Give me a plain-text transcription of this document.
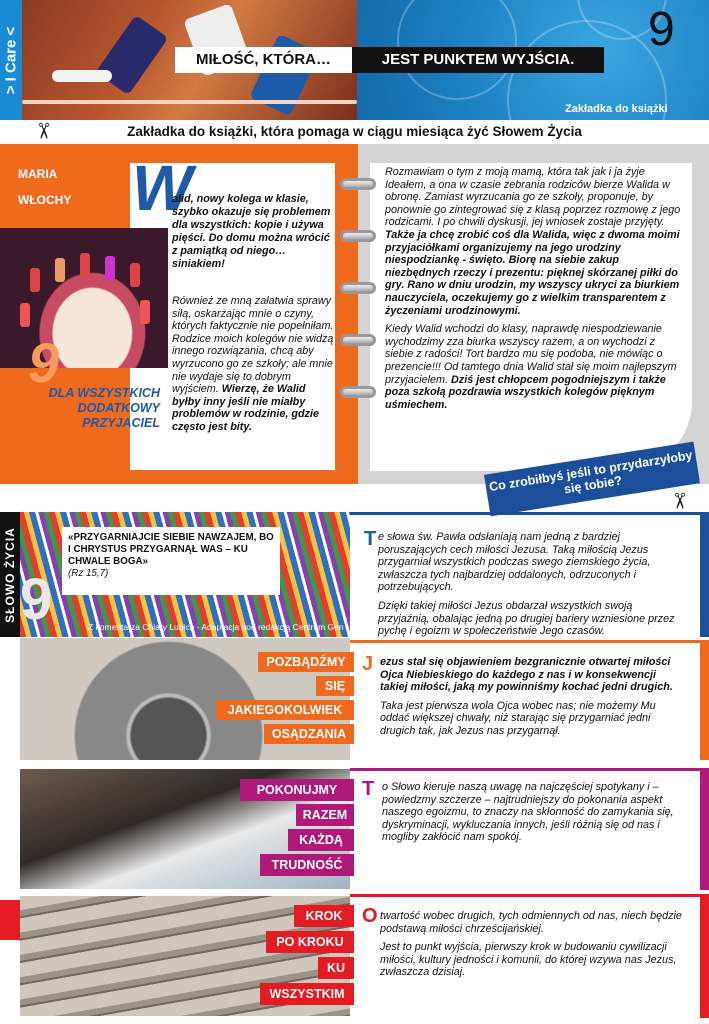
> I Care <	9
MIŁOŚĆ, KTÓRA…	JEST PUNKTEM WYJŚCIA.
Zakładka do książki
✂	Zakładka do książki, która pomaga w ciągu miesiąca żyć Słowem Życia
MARIA
WŁOCHY
9
DLA WSZYSTKICH
DODATKOWY
PRZYJACIEL
W
alid, nowy kolega w klasie, szybko okazuje się problemem dla wszystkich: kopie i używa pięści. Do domu można wrócić z pamiątką od niego… siniakiem!
Również ze mną załatwia sprawy siłą, oskarżając mnie o czyny, których faktycznie nie popełniłam. Rodzice moich kolegów nie widzą innego rozwiązania, chcą aby wyrzucono go ze szkoły; ale mnie nie wydaje się to dobrym wyjściem. Wierzę, że Walid byłby inny jeśli nie miałby problemów w rodzinie, gdzie często jest bity.

Rozmawiam o tym z moją mamą, która tak jak i ja żyje Ideałem, a ona w czasie zebrania rodziców bierze Walida w obronę. Zamiast wyrzucania go ze szkoły, proponuje, by ponownie go zintegrować się z klasą poprzez rozmowę z jego rodzicami. I po chwili dyskusji, jej wniosek zostaje przyjęty. Także ja chcę zrobić coś dla Walida, więc z dwoma moimi przyjaciółkami organizujemy na jego urodziny niespodziankę - święto. Biorę na siebie zakup niezbędnych rzeczy i prezentu: pięknej skórzanej piłki do gry. Rano w dniu urodzin, my wszyscy ukryci za biurkiem nauczyciela, oczekujemy go z wielkim transparentem z życzeniami urodzinowymi.

Kiedy Walid wchodzi do klasy, naprawdę niespodziewanie wychodzimy zza biurka wszyscy razem, a on wychodzi z siebie z radości! Tort bardzo mu się podoba, nie mówiąc o prezencie!!! Od tamtego dnia Walid stał się moim najlepszym przyjacielem. Dziś jest chłopcem pogodniejszym i także poza szkołą pozdrawia wszystkich kolegów pięknym uśmiechem.

Co zrobiłbyś jeśli to przydarzyłoby się tobie?
✂
SŁOWO ŻYCIA	«PRZYGARNIAJCIE SIEBIE NAWZAJEM, BO I CHRYSTUS PRZYGARNĄŁ WAS – KU CHWALE BOGA»
(Rz 15,7)
9	Z komentarza Chiary Lubich - Adaptacja pod redakcją Centrum Gen
T e słowa św. Pawła odsłaniają nam jedną z bardziej poruszających cech miłości Jezusa. Taką miłością Jezus przygarniał wszystkich podczas swego ziemskiego życia, zwłaszcza tych najbardziej oddalonych, odrzuconych i potrzebujących.

Dzięki takiej miłości Jezus obdarzał wszystkich swoją przyjaźnią, obalając jedną po drugiej bariery wzniesione przez pychę i egoizm w społeczeństwie Jego czasów.

POZBĄDŹMY
SIĘ
JAKIEGOKOLWIEK
OSĄDZANIA
J ezus stał się objawieniem bezgranicznie otwartej miłości Ojca Niebieskiego do każdego z nas i w konsekwencji takiej miłości, jaką my powinniśmy kochać jedni drugich.

Taka jest pierwsza wola Ojca wobec nas; nie możemy Mu oddać większej chwały, niż starając się przygarniać jedni drugich tak, jak Jezus nas przygarnął.

POKONUJMY
RAZEM
KAŻDĄ
TRUDNOŚĆ
T o Słowo kieruje naszą uwagę na najczęściej spotykany i – powiedzmy szczerze – najtrudniejszy do pokonania aspekt naszego egoizmu, to znaczy na skłonność do zamykania się, dyskryminacji, wykluczania innych, jeśli różnią się od nas i mogliby zakłócić nam spokój.
KROK
PO KROKU
KU
WSZYSTKIM
O twartość wobec drugich, tych odmiennych od nas, niech będzie podstawą miłości chrześcijańskiej.

Jest to punkt wyjścia, pierwszy krok w budowaniu cywilizacji miłości, kultury jedności i komunii, do której wzywa nas Jezus, zwłaszcza dzisiaj.
